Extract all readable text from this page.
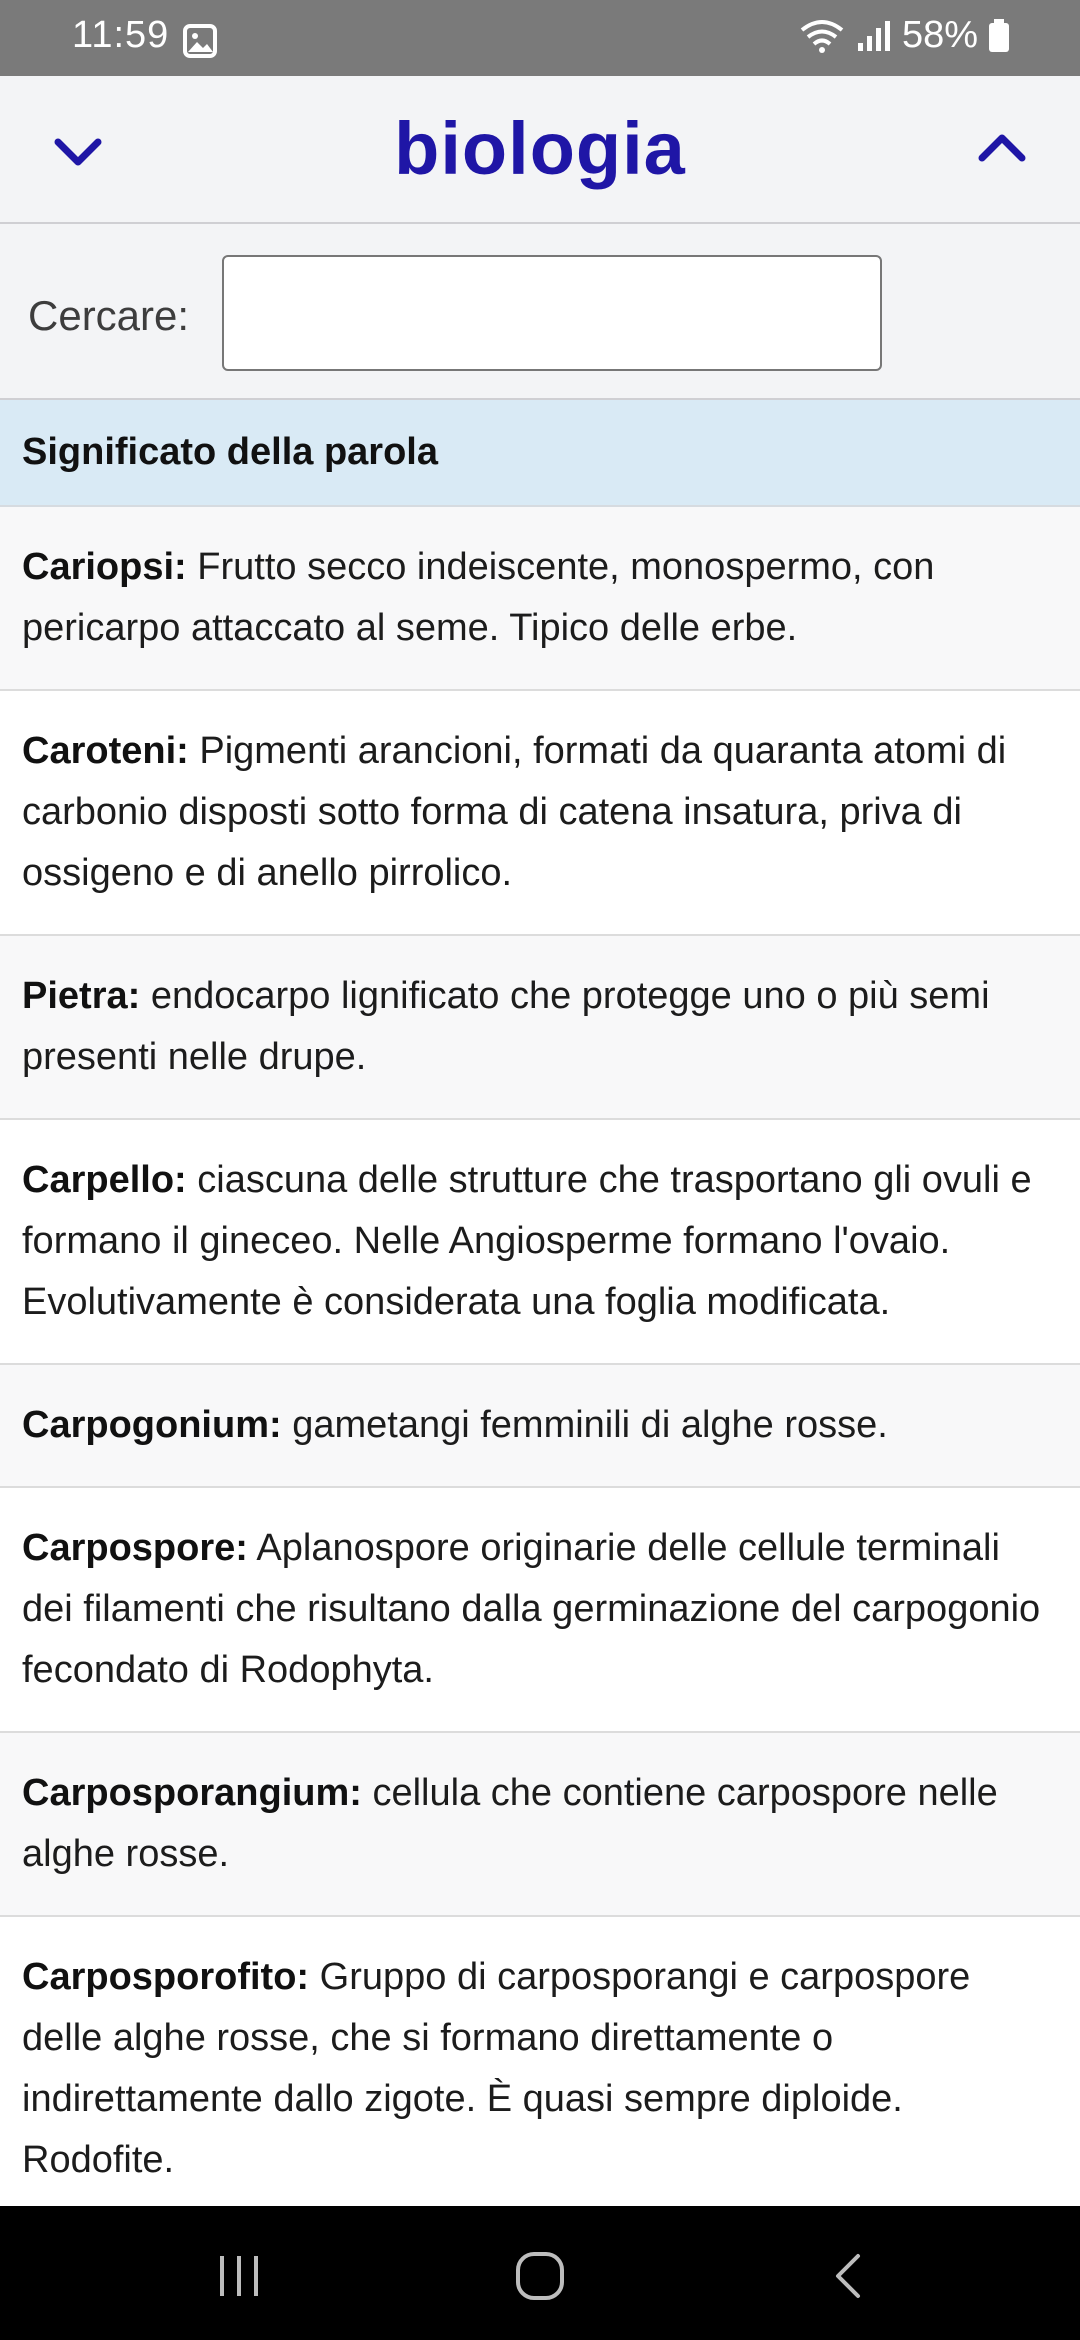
11:59	58%
biologia
Cercare:
Significato della parola
Cariopsi: Frutto secco indeiscente, monospermo, con pericarpo attaccato al seme. Tipico delle erbe.
Caroteni: Pigmenti arancioni, formati da quaranta atomi di carbonio disposti sotto forma di catena insatura, priva di ossigeno e di anello pirrolico.
Pietra: endocarpo lignificato che protegge uno o più semi presenti nelle drupe.
Carpello: ciascuna delle strutture che trasportano gli ovuli e formano il gineceo. Nelle Angiosperme formano l'ovaio. Evolutivamente è considerata una foglia modificata.
Carpogonium: gametangi femminili di alghe rosse.
Carpospore: Aplanospore originarie delle cellule terminali dei filamenti che risultano dalla germinazione del carpogonio fecondato di Rodophyta.
Carposporangium: cellula che contiene carpospore nelle alghe rosse.
Carposporofito: Gruppo di carposporangi e carpospore delle alghe rosse, che si formano direttamente o indirettamente dallo zigote. È quasi sempre diploide. Rodofite.
